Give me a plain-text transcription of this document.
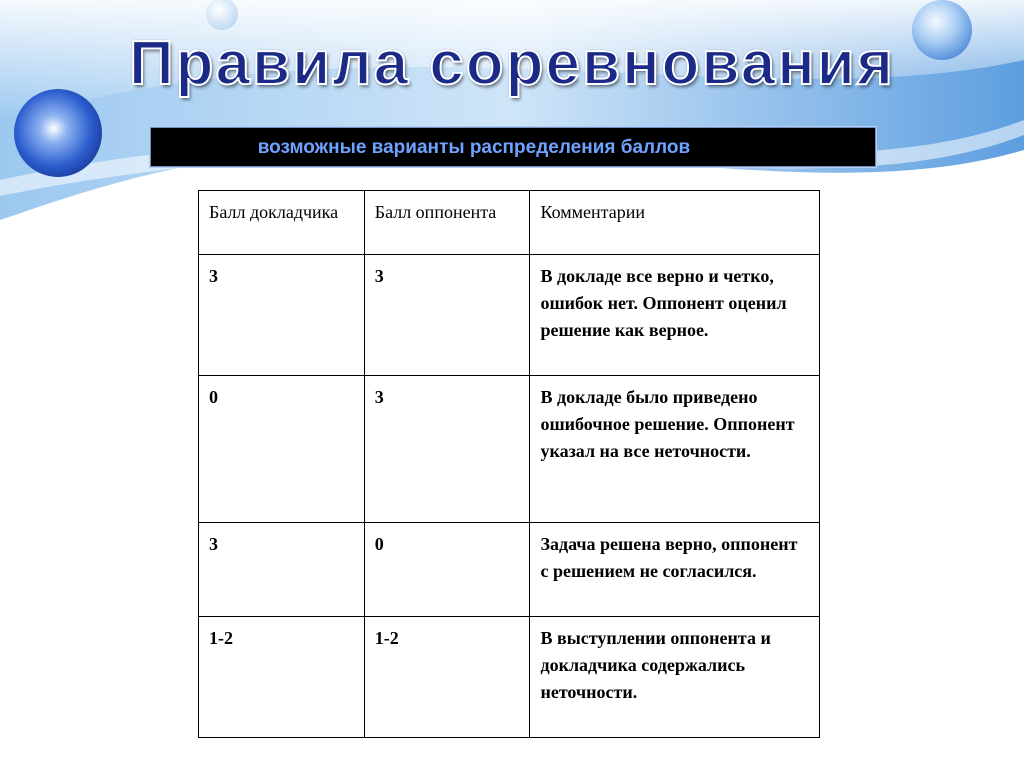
Правила соревнования
возможные варианты распределения баллов
Балл докладчика	Балл оппонента	Комментарии
3	3	В докладе все верно и четко, ошибок нет. Оппонент оценил решение как верное.
0	3	В докладе было приведено ошибочное решение. Оппонент указал на все неточности.
3	0	Задача решена верно, оппонент с решением не согласился.
1-2	1-2	В выступлении оппонента и докладчика содержались неточности.
